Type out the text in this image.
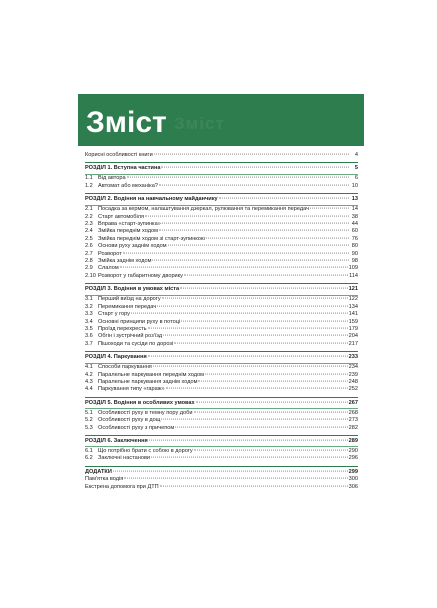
Зміст
Зміст
Корисні особливості книги	4
РОЗДІЛ 1. Вступна частина	5
1.1 Від автора	6
1.2 Автомат або механіка?	10
РОЗДІЛ 2. Водіння на навчальному майданчику	13
2.1 Посадка за кермом, налаштування дзеркал, рулювання та перемикання передач	14
2.2 Старт автомобіля	38
2.3 Вправа «старт-зупинка»	44
2.4 Змійка переднім ходом	60
2.5 Змійка переднім ходом зі старт-зупинкою	76
2.6 Основи руху заднім ходом	80
2.7 Розворот	90
2.8 Змійка заднім ходом	98
2.9 Слалом	109
2.10 Розворот у габаритному дворику	114
РОЗДІЛ 3. Водіння в умовах міста	121
3.1 Перший виїзд на дорогу	122
3.2 Перемикання передач	134
3.3 Старт у гору	141
3.4 Основні принципи руху в потоці	159
3.5 Проїзд перехресть	179
3.6 Обгін і зустрічний роз'їзд	204
3.7 Пішоходи та сусіди по дорозі	217
РОЗДІЛ 4. Паркування	233
4.1 Способи паркування	234
4.2 Паралельне паркування переднім ходом	239
4.3 Паралельне паркування заднім ходом	248
4.4 Паркування типу «гараж»	252
РОЗДІЛ 5. Водіння в особливих умовах	267
5.1 Особливості руху в темну пору доби	268
5.2 Особливості руху в дощ	273
5.3 Особливості руху з причепом	282
РОЗДІЛ 6. Заключення	289
6.1 Що потрібно брати с собою в дорогу	290
6.2 Заключні настанови	296
ДОДАТКИ	299
Пам'ятка водія	300
Екстрена допомога при ДТП	306
